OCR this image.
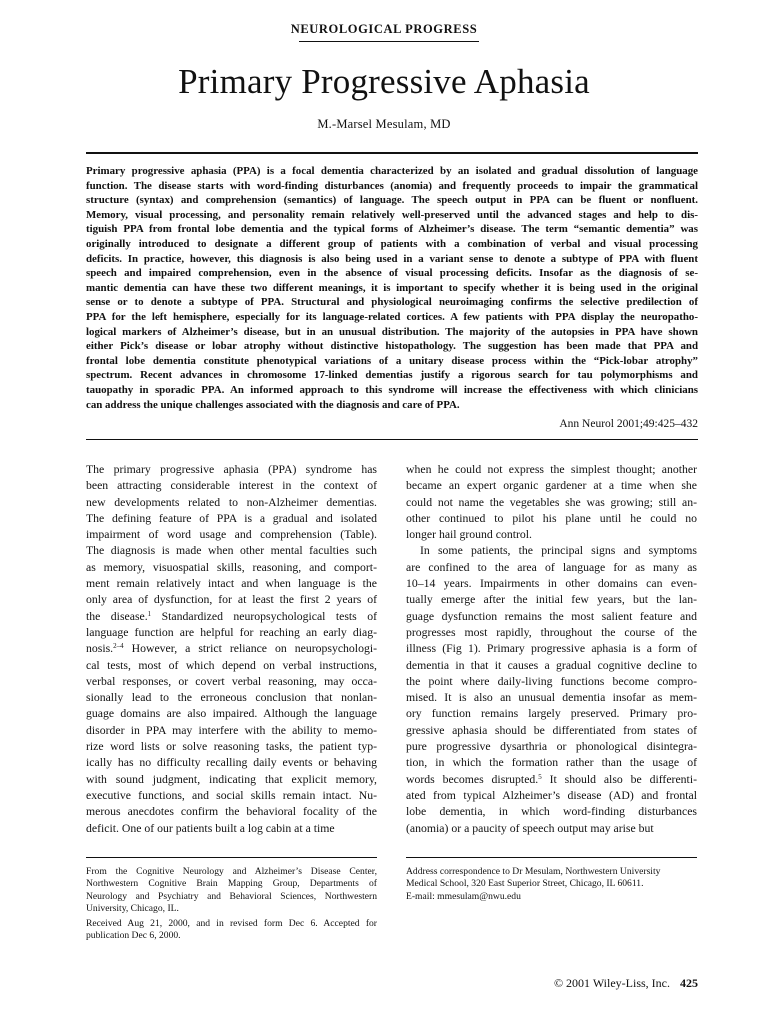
NEUROLOGICAL PROGRESS
Primary Progressive Aphasia
M.-Marsel Mesulam, MD
Primary progressive aphasia (PPA) is a focal dementia characterized by an isolated and gradual dissolution of language
function. The disease starts with word-finding disturbances (anomia) and frequently proceeds to impair the grammatical
structure (syntax) and comprehension (semantics) of language. The speech output in PPA can be fluent or nonfluent.
Memory, visual processing, and personality remain relatively well-preserved until the advanced stages and help to dis-
tiguish PPA from frontal lobe dementia and the typical forms of Alzheimer’s disease. The term “semantic dementia” was
originally introduced to designate a different group of patients with a combination of verbal and visual processing
deficits. In practice, however, this diagnosis is also being used in a variant sense to denote a subtype of PPA with fluent
speech and impaired comprehension, even in the absence of visual processing deficits. Insofar as the diagnosis of se-
mantic dementia can have these two different meanings, it is important to specify whether it is being used in the original
sense or to denote a subtype of PPA. Structural and physiological neuroimaging confirms the selective predilection of
PPA for the left hemisphere, especially for its language-related cortices. A few patients with PPA display the neuropatho-
logical markers of Alzheimer’s disease, but in an unusual distribution. The majority of the autopsies in PPA have shown
either Pick’s disease or lobar atrophy without distinctive histopathology. The suggestion has been made that PPA and
frontal lobe dementia constitute phenotypical variations of a unitary disease process within the “Pick-lobar atrophy”
spectrum. Recent advances in chromosome 17-linked dementias justify a rigorous search for tau polymorphisms and
tauopathy in sporadic PPA. An informed approach to this syndrome will increase the effectiveness with which clinicians
can address the unique challenges associated with the diagnosis and care of PPA.
Ann Neurol 2001;49:425–432
The primary progressive aphasia (PPA) syndrome has
been attracting considerable interest in the context of
new developments related to non-Alzheimer dementias.
The defining feature of PPA is a gradual and isolated
impairment of word usage and comprehension (Table).
The diagnosis is made when other mental faculties such
as memory, visuospatial skills, reasoning, and comport-
ment remain relatively intact and when language is the
only area of dysfunction, for at least the first 2 years of
the disease.$^1$ Standardized neuropsychological tests of
language function are helpful for reaching an early diag-
nosis.$^{2-4}$ However, a strict reliance on neuropsychologi-
cal tests, most of which depend on verbal instructions,
verbal responses, or covert verbal reasoning, may occa-
sionally lead to the erroneous conclusion that nonlan-
guage domains are also impaired. Although the language
disorder in PPA may interfere with the ability to memo-
rize word lists or solve reasoning tasks, the patient typ-
ically has no difficulty recalling daily events or behaving
with sound judgment, indicating that explicit memory,
executive functions, and social skills remain intact. Nu-
merous anecdotes confirm the behavioral focality of the
deficit. One of our patients built a log cabin at a time
when he could not express the simplest thought; another
became an expert organic gardener at a time when she
could not name the vegetables she was growing; still an-
other continued to pilot his plane until he could no
longer hail ground control.
In some patients, the principal signs and symptoms
are confined to the area of language for as many as
10–14 years. Impairments in other domains can even-
tually emerge after the initial few years, but the lan-
guage dysfunction remains the most salient feature and
progresses most rapidly, throughout the course of the
illness (Fig 1). Primary progressive aphasia is a form of
dementia in that it causes a gradual cognitive decline to
the point where daily-living functions become compro-
mised. It is also an unusual dementia insofar as mem-
ory function remains largely preserved. Primary pro-
gressive aphasia should be differentiated from states of
pure progressive dysarthria or phonological disintegra-
tion, in which the formation rather than the usage of
words becomes disrupted.$^5$ It should also be differenti-
ated from typical Alzheimer’s disease (AD) and frontal
lobe dementia, in which word-finding disturbances
(anomia) or a paucity of speech output may arise but
From the Cognitive Neurology and Alzheimer’s Disease Center,
Northwestern Cognitive Brain Mapping Group, Departments of
Neurology and Psychiatry and Behavioral Sciences, Northwestern
University, Chicago, IL.
Received Aug 21, 2000, and in revised form Dec 6. Accepted for
publication Dec 6, 2000.
Address correspondence to Dr Mesulam, Northwestern University
Medical School, 320 East Superior Street, Chicago, IL 60611.
E-mail: mmesulam@nwu.edu
© 2001 Wiley-Liss, Inc. 425
